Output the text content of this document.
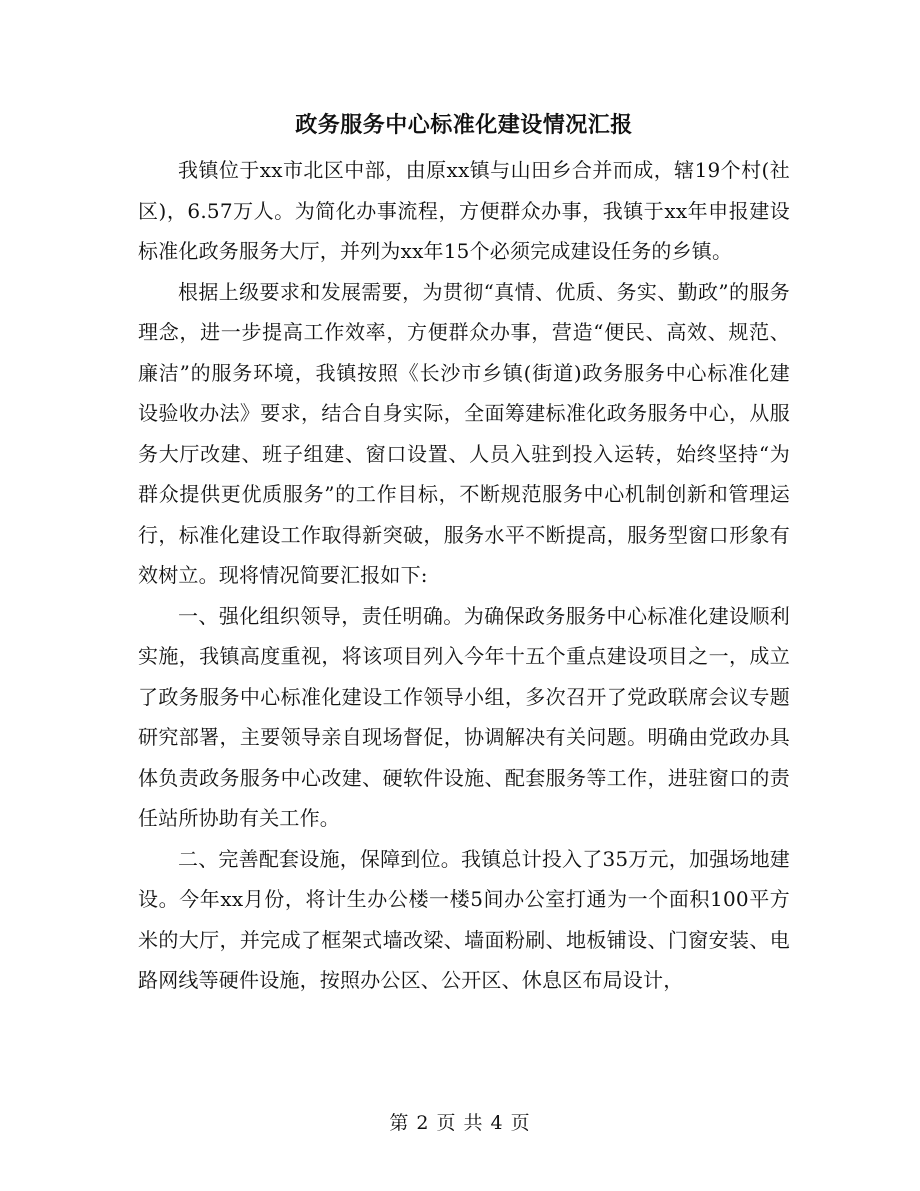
政务服务中心标准化建设情况汇报

我镇位于xx市北区中部，由原xx镇与山田乡合并而成，辖19个村(社区)，6.57万人。为简化办事流程，方便群众办事，我镇于xx年申报建设标准化政务服务大厅，并列为xx年15个必须完成建设任务的乡镇。

根据上级要求和发展需要，为贯彻“真情、优质、务实、勤政”的服务理念，进一步提高工作效率，方便群众办事，营造“便民、高效、规范、廉洁”的服务环境，我镇按照《长沙市乡镇(街道)政务服务中心标准化建设验收办法》要求，结合自身实际，全面筹建标准化政务服务中心，从服务大厅改建、班子组建、窗口设置、人员入驻到投入运转，始终坚持“为群众提供更优质服务”的工作目标，不断规范服务中心机制创新和管理运行，标准化建设工作取得新突破，服务水平不断提高，服务型窗口形象有效树立。现将情况简要汇报如下:

一、强化组织领导，责任明确。为确保政务服务中心标准化建设顺利实施，我镇高度重视，将该项目列入今年十五个重点建设项目之一，成立了政务服务中心标准化建设工作领导小组，多次召开了党政联席会议专题研究部署，主要领导亲自现场督促，协调解决有关问题。明确由党政办具体负责政务服务中心改建、硬软件设施、配套服务等工作，进驻窗口的责任站所协助有关工作。

二、完善配套设施，保障到位。我镇总计投入了35万元，加强场地建设。今年xx月份，将计生办公楼一楼5间办公室打通为一个面积100平方米的大厅，并完成了框架式墙改梁、墙面粉刷、地板铺设、门窗安装、电路网线等硬件设施，按照办公区、公开区、休息区布局设计，

第 2 页 共 4 页
